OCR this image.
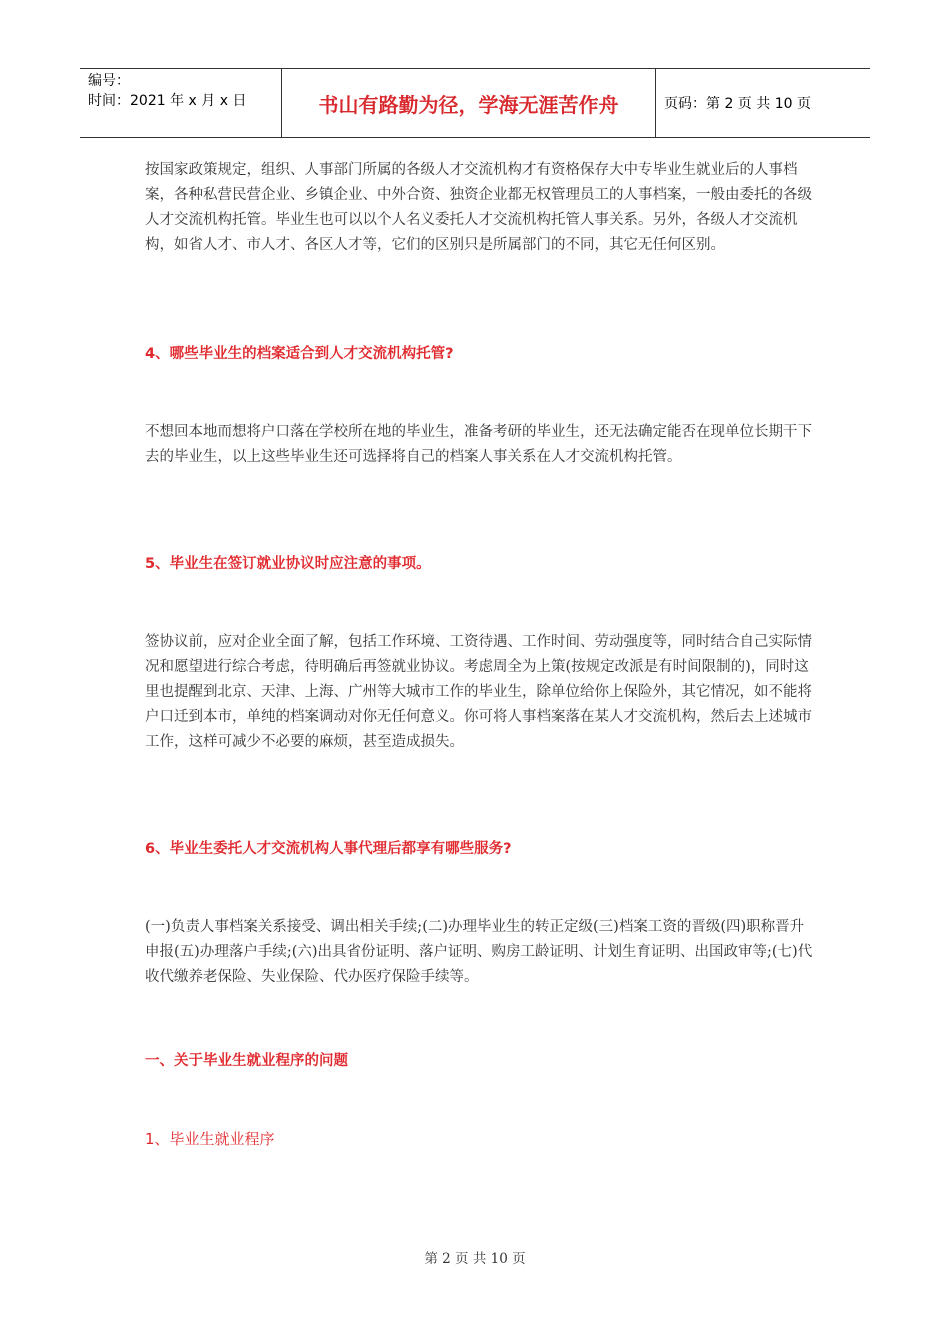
编号：
时间：2021 年 x 月 x 日	书山有路勤为径，学海无涯苦作舟	页码：第 2 页 共 10 页

按国家政策规定，组织、人事部门所属的各级人才交流机构才有资格保存大中专毕业生就业后的人事档案，各种私营民营企业、乡镇企业、中外合资、独资企业都无权管理员工的人事档案，一般由委托的各级人才交流机构托管。毕业生也可以以个人名义委托人才交流机构托管人事关系。另外，各级人才交流机构，如省人才、市人才、各区人才等，它们的区别只是所属部门的不同，其它无任何区别。

4、哪些毕业生的档案适合到人才交流机构托管?

不想回本地而想将户口落在学校所在地的毕业生，准备考研的毕业生，还无法确定能否在现单位长期干下去的毕业生，以上这些毕业生还可选择将自己的档案人事关系在人才交流机构托管。

5、毕业生在签订就业协议时应注意的事项。

签协议前，应对企业全面了解，包括工作环境、工资待遇、工作时间、劳动强度等，同时结合自己实际情况和愿望进行综合考虑，待明确后再签就业协议。考虑周全为上策(按规定改派是有时间限制的)，同时这里也提醒到北京、天津、上海、广州等大城市工作的毕业生，除单位给你上保险外，其它情况，如不能将户口迁到本市，单纯的档案调动对你无任何意义。你可将人事档案落在某人才交流机构，然后去上述城市工作，这样可减少不必要的麻烦，甚至造成损失。

6、毕业生委托人才交流机构人事代理后都享有哪些服务?

(一)负责人事档案关系接受、调出相关手续;(二)办理毕业生的转正定级(三)档案工资的晋级(四)职称晋升申报(五)办理落户手续;(六)出具省份证明、落户证明、购房工龄证明、计划生育证明、出国政审等;(七)代收代缴养老保险、失业保险、代办医疗保险手续等。

一、关于毕业生就业程序的问题

1、毕业生就业程序

第 2 页 共 10 页
